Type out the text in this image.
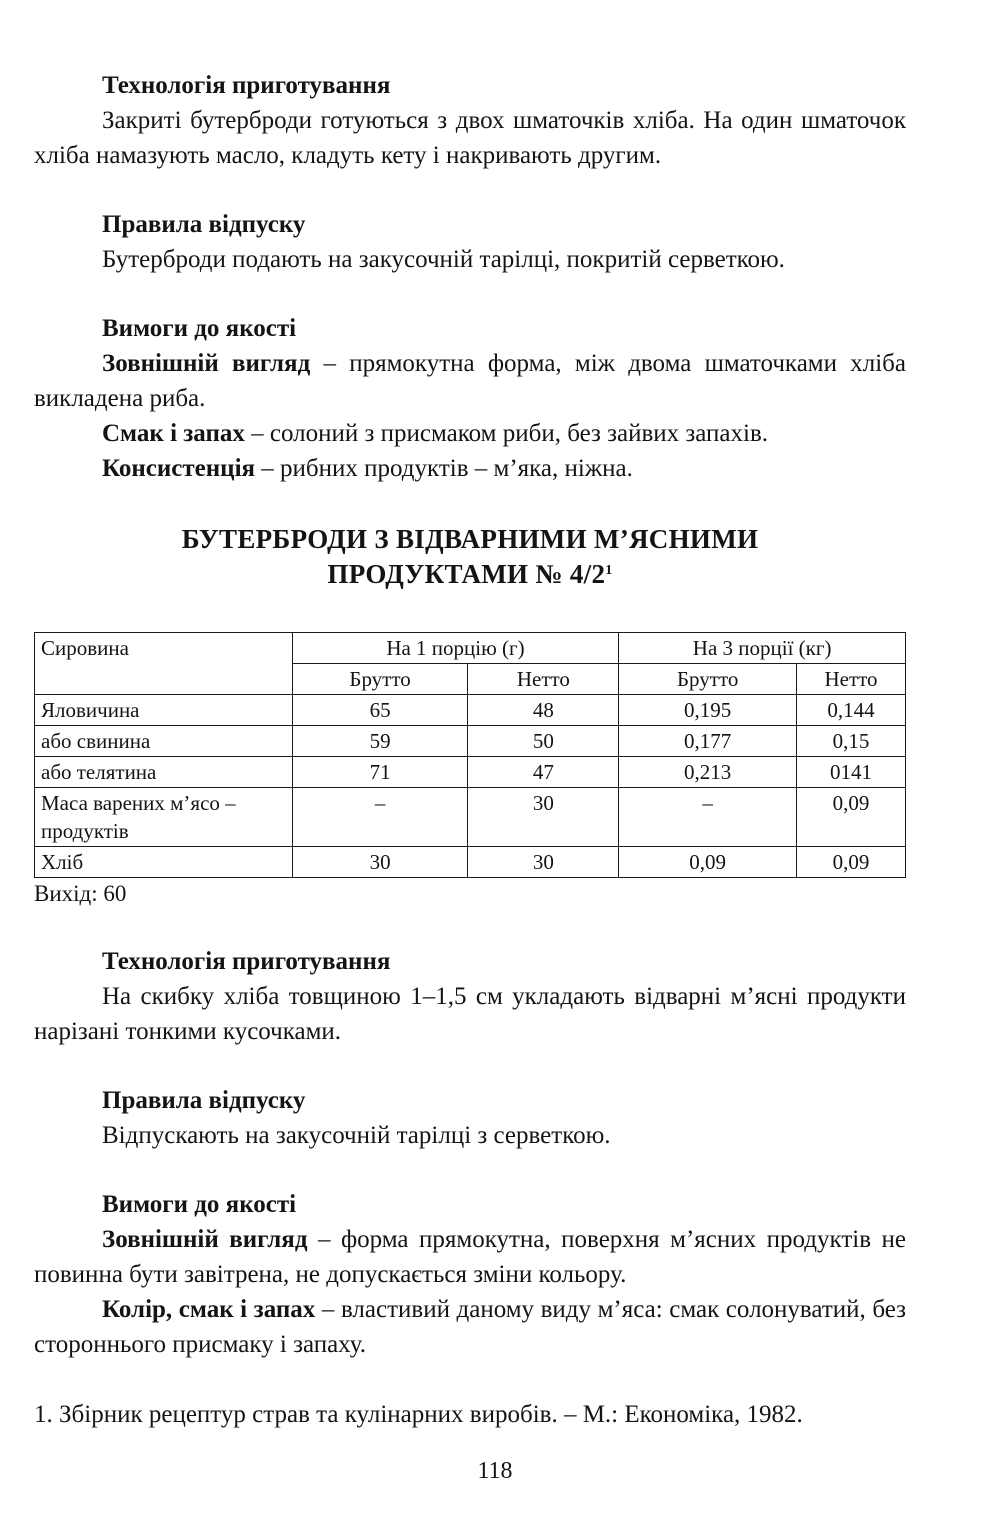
Технологія приготування

Закриті бутерброди готуються з двох шматочків хліба. На один шматочок хліба намазують масло, кладуть кету і накривають другим.

Правила відпуску

Бутерброди подають на закусочній тарілці, покритій серветкою.

Вимоги до якості

Зовнішній вигляд – прямокутна форма, між двома шматочками хліба викладена риба.

Смак і запах – солоний з присмаком риби, без зайвих запахів.

Консистенція – рибних продуктів – м’яка, ніжна.

БУТЕРБРОДИ З ВІДВАРНИМИ М’ЯСНИМИ

ПРОДУКТАМИ № $4/2^1$

Сировина	На 1 порцію (г)		На 3 порції (кг)	
	Брутто	Нетто	Брутто	Нетто
Яловичина	65	48	0,195	0,144
або свинина	59	50	0,177	0,15
або телятина	71	47	0,213	0141
Маса варених м’ясо – продуктів	–	30	–	0,09
Хліб	30	30	0,09	0,09

Вихід: 60

Технологія приготування

На скибку хліба товщиною 1–1,5 см укладають відварні м’ясні продукти нарізані тонкими кусочками.

Правила відпуску

Відпускають на закусочній тарілці з серветкою.

Вимоги до якості

Зовнішній вигляд – форма прямокутна, поверхня м’ясних продуктів не повинна бути завітрена, не допускається зміни кольору.

Колір, смак і запах – властивий даному виду м’яса: смак солонуватий, без стороннього присмаку і запаху.

1. Збірник рецептур страв та кулінарних виробів. – М.: Економіка, 1982.

118
